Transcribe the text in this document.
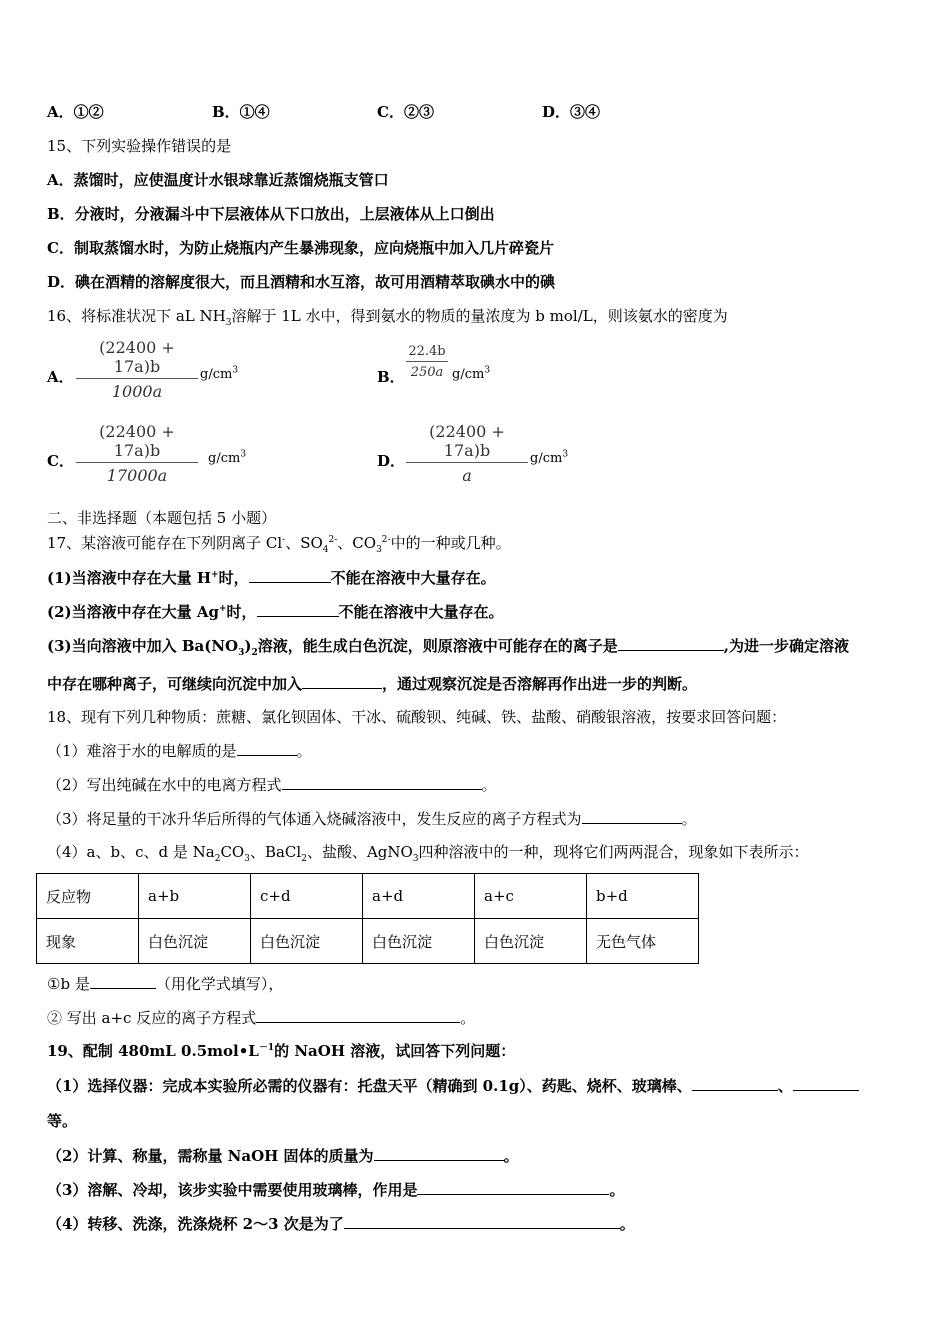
A．①②	B．①④	C．②③	D．③④
15、下列实验操作错误的是
A．蒸馏时，应使温度计水银球靠近蒸馏烧瓶支管口
B．分液时，分液漏斗中下层液体从下口放出，上层液体从上口倒出
C．制取蒸馏水时，为防止烧瓶内产生暴沸现象，应向烧瓶中加入几片碎瓷片
D．碘在酒精的溶解度很大，而且酒精和水互溶，故可用酒精萃取碘水中的碘
16、将标准状况下 aL $NH_3$溶解于 1L 水中，得到氨水的物质的量浓度为 b mol/L，则该氨水的密度为
A． $\frac{(22400 + 17a)b}{1000a} g/cm^3$	B． $\frac{22.4b}{250a} g/cm^3$
C． $\frac{(22400 + 17a)b}{17000a} g/cm^3$	D． $\frac{(22400 + 17a)b}{a} g/cm^3$
二、非选择题（本题包括 5 小题）
17、某溶液可能存在下列阴离子 Cl-、$SO_4^{2-}$、$CO_3^{2-}$中的一种或几种。
(1)当溶液中存在大量 H+时，	不能在溶液中大量存在。
(2)当溶液中存在大量 Ag+时，	不能在溶液中大量存在。
(3)当向溶液中加入 $Ba(NO_3)_2$溶液，能生成白色沉淀，则原溶液中可能存在的离子是	,为进一步确定溶液
中存在哪种离子，可继续向沉淀中加入	，通过观察沉淀是否溶解再作出进一步的判断。
18、现有下列几种物质：蔗糖、氯化钡固体、干冰、硫酸钡、纯碱、铁、盐酸、硝酸银溶液，按要求回答问题：
（1）难溶于水的电解质的是	。
（2）写出纯碱在水中的电离方程式	。
（3）将足量的干冰升华后所得的气体通入烧碱溶液中，发生反应的离子方程式为	。
（4）a、b、c、d 是 $Na_2CO_3$、BaCl$_2$、盐酸、AgNO$_3$四种溶液中的一种，现将它们两两混合，现象如下表所示：
反应物	a+b	c+d	a+d	a+c	b+d
现象	白色沉淀	白色沉淀	白色沉淀	白色沉淀	无色气体
①b 是	（用化学式填写），
② 写出 a+c 反应的离子方程式	。
19、配制 480mL $0.5mol•L^{-1}$的 NaOH 溶液，试回答下列问题：
（1）选择仪器：完成本实验所必需的仪器有：托盘天平（精确到 0.1g）、药匙、烧杯、玻璃棒、	、
等。
（2）计算、称量，需称量 NaOH 固体的质量为	。
（3）溶解、冷却，该步实验中需要使用玻璃棒，作用是	。
（4）转移、洗涤，洗涤烧杯 2～3 次是为了	。
